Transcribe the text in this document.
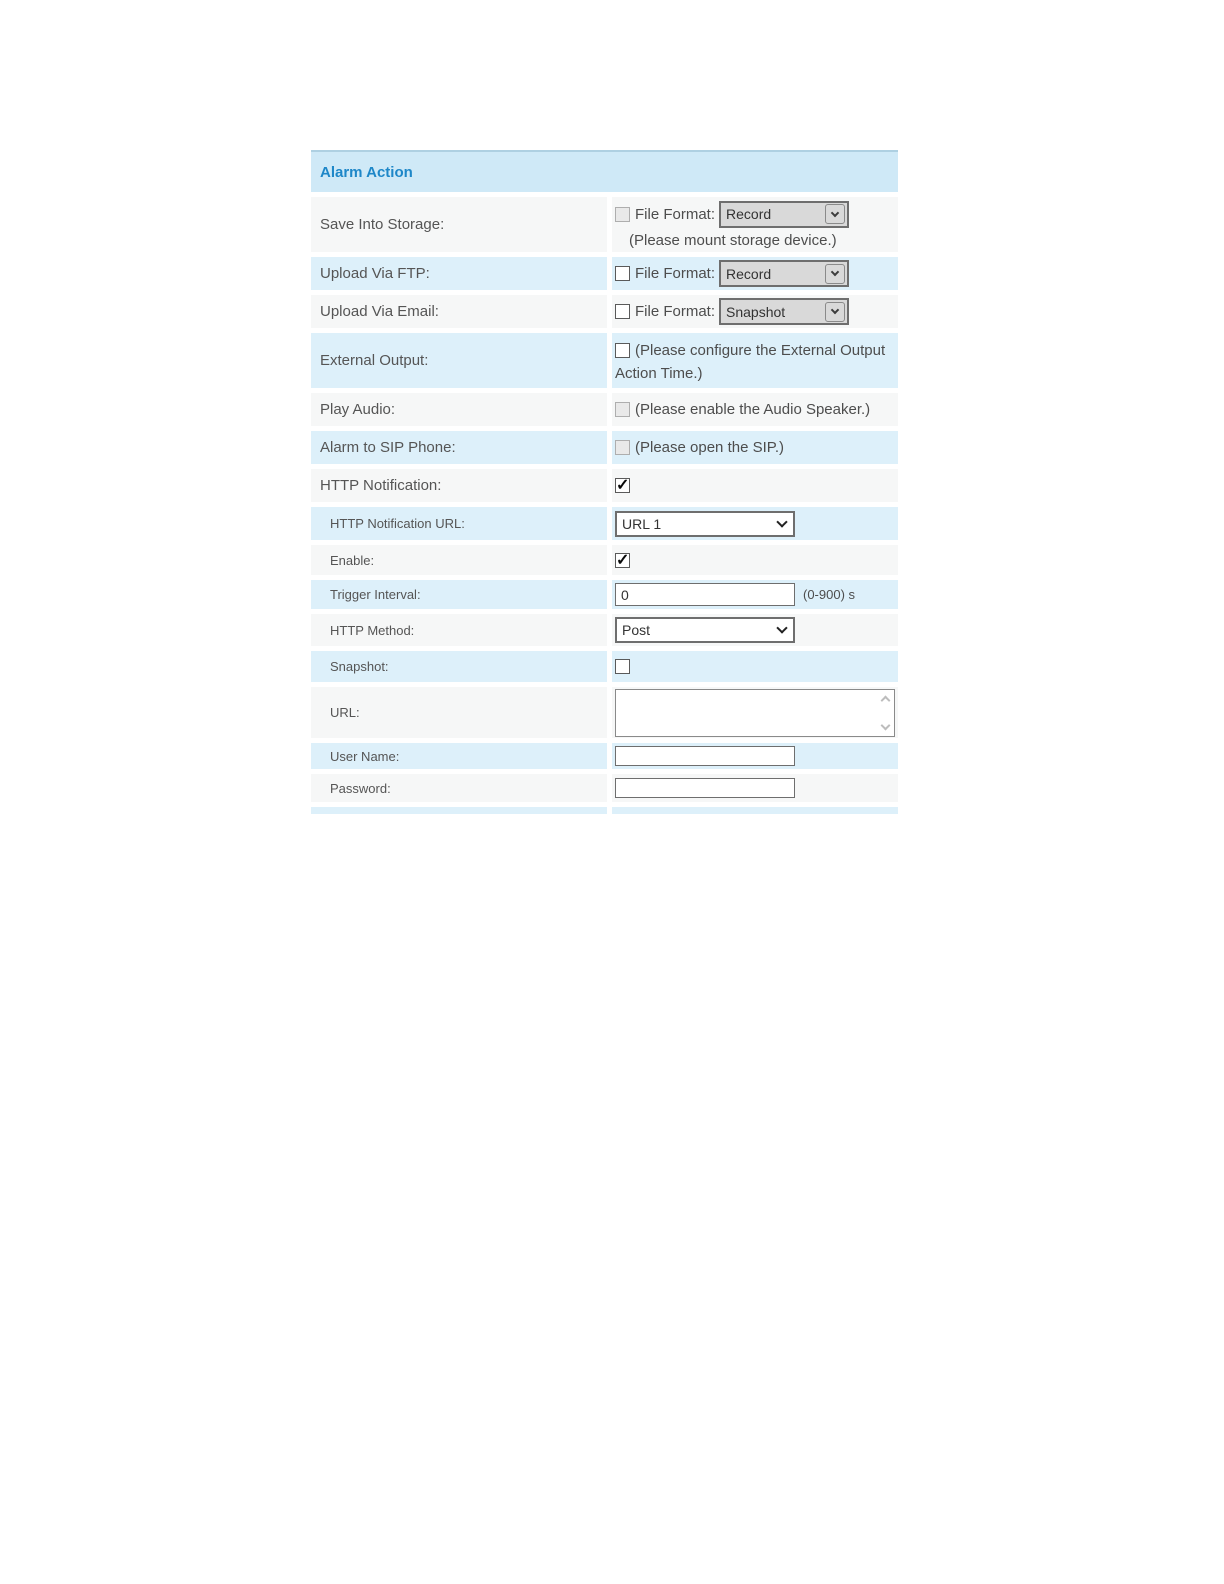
Alarm Action
Save Into Storage:
File Format: Record
(Please mount storage device.)
Upload Via FTP:	File Format: Record
Upload Via Email:	File Format: Snapshot
External Output:
(Please configure the External Output Action Time.)
Play Audio:	(Please enable the Audio Speaker.)
Alarm to SIP Phone:	(Please open the SIP.)
HTTP Notification:
✓
HTTP Notification URL:	URL 1
Enable:
✓
Trigger Interval:
0	(0-900) s
HTTP Method:	Post
Snapshot:
URL:
User Name:
Password:
